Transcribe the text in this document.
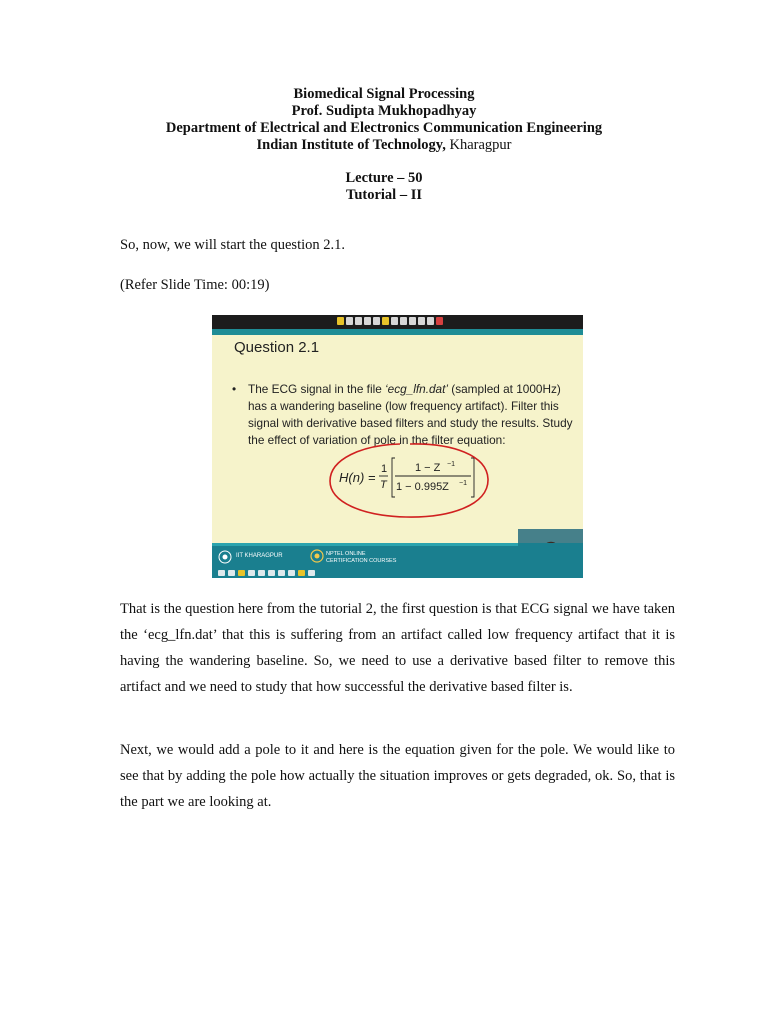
Biomedical Signal Processing
Prof. Sudipta Mukhopadhyay
Department of Electrical and Electronics Communication Engineering
Indian Institute of Technology, Kharagpur
Lecture – 50
Tutorial – II
So, now, we will start the question 2.1.
(Refer Slide Time: 00:19)
Question 2.1
• The ECG signal in the file ‘ecg_lfn.dat’ (sampled at 1000Hz) has a wandering baseline (low frequency artifact). Filter this signal with derivative based filters and study the results. Study the effect of variation of pole in the filter equation:
H(n) =
1
T
1 − Z −1
1 − 0.995Z −1
IIT KHARAGPUR	NPTEL ONLINE
CERTIFICATION COURSES
That is the question here from the tutorial 2, the first question is that ECG signal we have taken the ‘ecg_lfn.dat’ that this is suffering from an artifact called low frequency artifact that it is having the wandering baseline. So, we need to use a derivative based filter to remove this artifact and we need to study that how successful the derivative based filter is.
Next, we would add a pole to it and here is the equation given for the pole. We would like to see that by adding the pole how actually the situation improves or gets degraded, ok. So, that is the part we are looking at.
